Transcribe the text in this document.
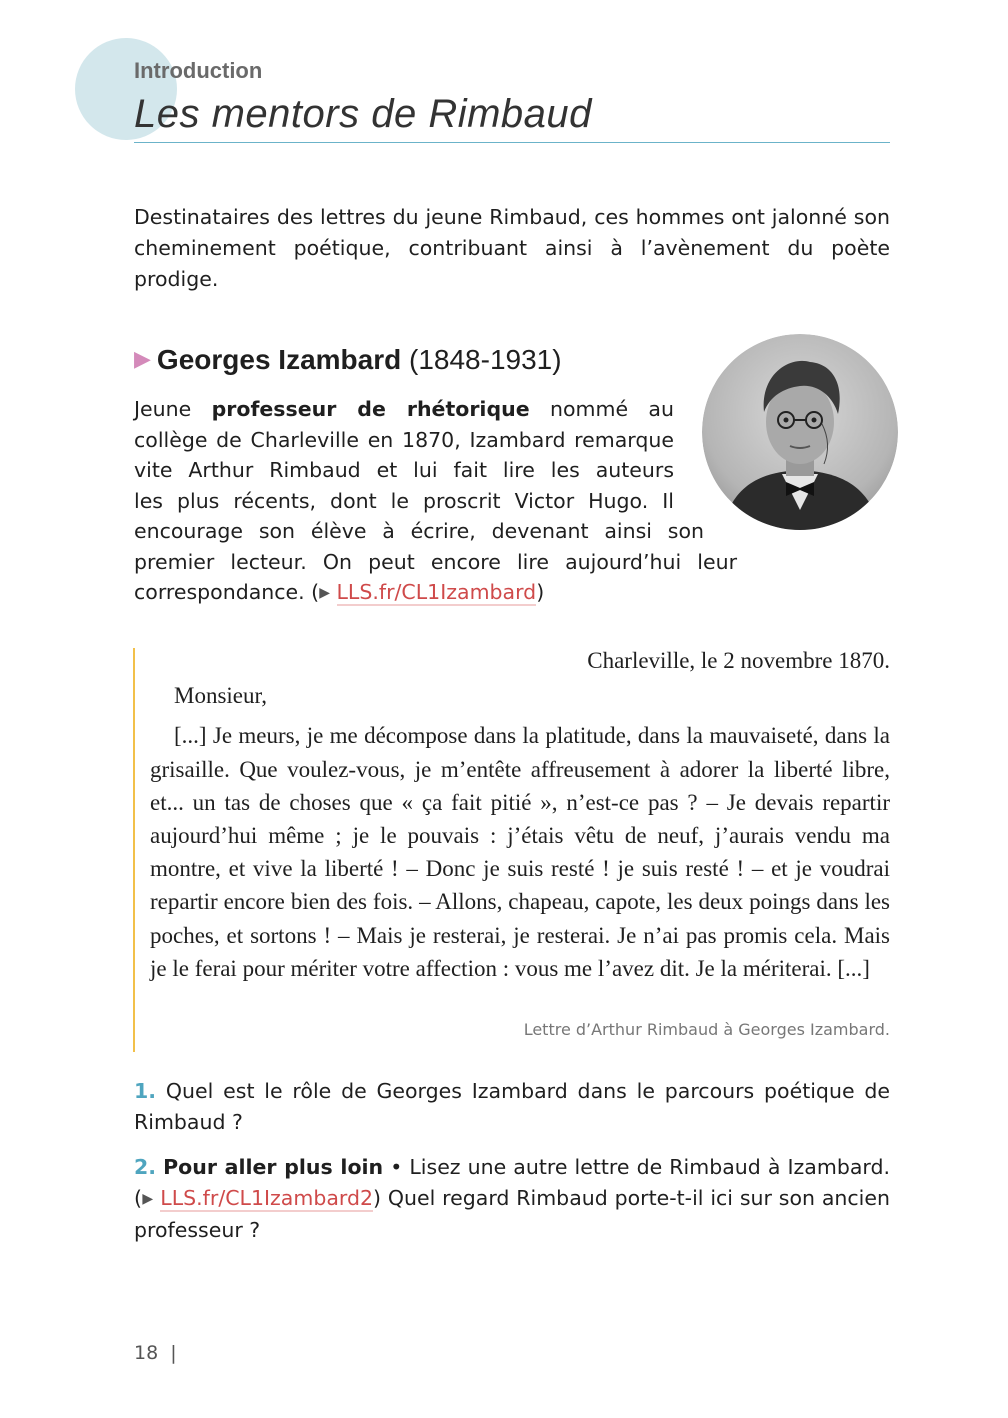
Introduction

Les mentors de Rimbaud

Destinataires des lettres du jeune Rimbaud, ces hommes ont jalonné son cheminement poétique, contribuant ainsi à l’avènement du poète prodige.

▶ Georges Izambard (1848-1931)

Jeune professeur de rhétorique nommé au
collège de Charleville en 1870, Izambard remarque
vite Arthur Rimbaud et lui fait lire les auteurs
les plus récents, dont le proscrit Victor Hugo. Il
encourage son élève à écrire, devenant ainsi son
premier lecteur. On peut encore lire aujourd’hui leur
correspondance. (▶ LLS.fr/CL1Izambard)

Charleville, le 2 novembre 1870.
Monsieur,
[...] Je meurs, je me décompose dans la platitude, dans la mauvaiseté, dans la grisaille. Que voulez-vous, je m’entête affreusement à adorer la liberté libre, et... un tas de choses que « ça fait pitié », n’est-ce pas ? – Je devais repartir aujourd’hui même ; je le pouvais : j’étais vêtu de neuf, j’aurais vendu ma montre, et vive la liberté ! – Donc je suis resté ! je suis resté ! – et je voudrai repartir encore bien des fois. – Allons, chapeau, capote, les deux poings dans les poches, et sortons ! – Mais je resterai, je resterai. Je n’ai pas promis cela. Mais je le ferai pour mériter votre affection : vous me l’avez dit. Je la mériterai. [...]

Lettre d’Arthur Rimbaud à Georges Izambard.

1. Quel est le rôle de Georges Izambard dans le parcours poétique de Rimbaud ?

2. Pour aller plus loin • Lisez une autre lettre de Rimbaud à Izambard. (▶ LLS.fr/CL1Izambard2) Quel regard Rimbaud porte-t-il ici sur son ancien professeur ?

18 |
